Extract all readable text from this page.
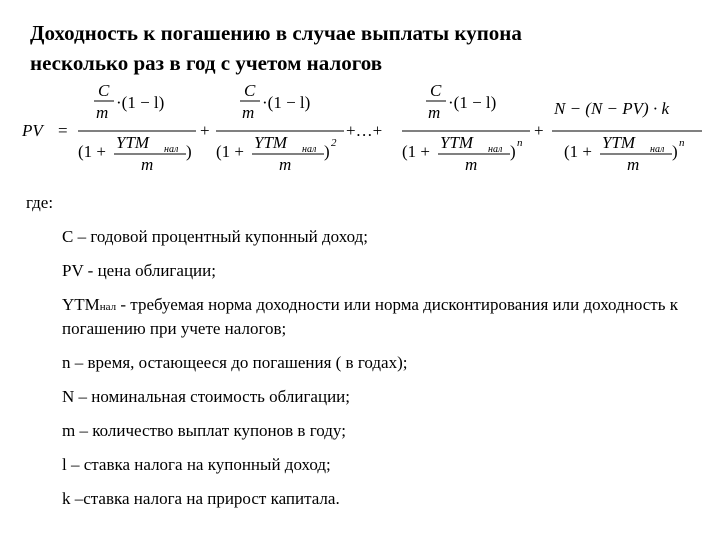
Доходность к погашению в случае выплаты купона
несколько раз в год с учетом налогов
PV =
C
m
·(1 − l)
(1 + YTM нал
m
)
+
C
m
·(1 − l)
(1 + YTM нал
m
) 2
+…+
C
m
·(1 − l)
(1 + YTM нал
m
) n
+
N − (N − PV) · k
(1 + YTM нал
m
) n
где:
С – годовой процентный купонный доход;
PV - цена облигации;
YTMнал - требуемая норма доходности или норма дисконтирования или доходность к погашению при учете налогов;
n – время, остающееся до погашения ( в годах);
N – номинальная стоимость облигации;
m – количество выплат купонов в году;
l – ставка налога на купонный доход;
k –ставка налога на прирост капитала.
